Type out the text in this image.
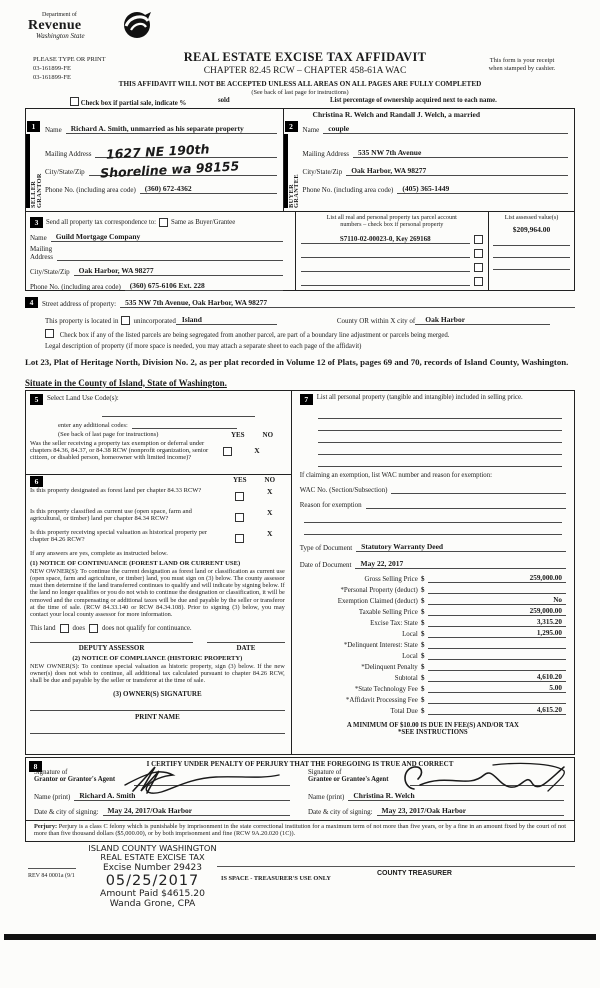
Department of
Revenue
Washington State
PLEASE TYPE OR PRINT
03-161899-FE
03-161899-FE
REAL ESTATE EXCISE TAX AFFIDAVIT
CHAPTER 82.45 RCW – CHAPTER 458-61A WAC
This form is your receipt
when stamped by cashier.
THIS AFFIDAVIT WILL NOT BE ACCEPTED UNLESS ALL AREAS ON ALL PAGES ARE FULLY COMPLETED
(See back of last page for instructions)
Check box if partial sale, indicate %	sold	List percentage of ownership acquired next to each name.
1
SELLER
GRANTOR
Name	Richard A. Smith, unmarried as his separate property
Mailing Address	1627 NE 190th
City/State/Zip	Shoreline wa 98155
Phone No. (including area code)	(360) 672-4362
2
BUYER
GRANTEE
Christina R. Welch and Randall J. Welch, a married
Name	couple
Mailing Address	535 NW 7th Avenue
City/State/Zip	Oak Harbor, WA 98277
Phone No. (including area code)	(405) 365-1449
3	Send all property tax correspondence to: Same as Buyer/Grantee
Name	Guild Mortgage Company
Mailing
Address
City/State/Zip	Oak Harbor, WA 98277
Phone No. (including area code)	(360) 675-6106 Ext. 228
List all real and personal property tax parcel account
numbers – check box if personal property
S7110-02-00023-0, Key 269168
List assessed value(s)
$209,964.00
4	Street address of property:	535 NW 7th Avenue, Oak Harbor, WA 98277
This property is located in unincorporated Island	County OR within X city of	Oak Harbor
Check box if any of the listed parcels are being segregated from another parcel, are part of a boundary line adjustment or parcels being merged.
Legal description of property (if more space is needed, you may attach a separate sheet to each page of the affidavit)
Lot 23, Plat of Heritage North, Division No. 2, as per plat recorded in Volume 12 of Plats, pages 69 and 70, records of Island County, Washington.
Situate in the County of Island, State of Washington.
5	Select Land Use Code(s):
enter any additional codes:
(See back of last page for instructions)	YES	NO
Was the seller receiving a property tax exemption or deferral under chapters 84.36, 84.37, or 84.38 RCW (nonprofit organization, senior citizen, or disabled person, homeowner with limited income)?
X
6	YES	NO
Is this property designated as forest land per chapter 84.33 RCW?	X
Is this property classified as current use (open space, farm and agricultural, or timber) land per chapter 84.34 RCW?
X
Is this property receiving special valuation as historical property per chapter 84.26 RCW?
X
If any answers are yes, complete as instructed below.
(1) NOTICE OF CONTINUANCE (FOREST LAND OR CURRENT USE)
NEW OWNER(S): To continue the current designation as forest land or classification as current use (open space, farm and agriculture, or timber) land, you must sign on (3) below. The county assessor must then determine if the land transferred continues to qualify and will indicate by signing below. If the land no longer qualifies or you do not wish to continue the designation or classification, it will be removed and the compensating or additional taxes will be due and payable by the seller or transferor at the time of sale. (RCW 84.33.140 or RCW 84.34.108). Prior to signing (3) below, you may contact your local county assessor for more information.
This land	does	does not qualify for continuance.
DEPUTY ASSESSOR	DATE
(2) NOTICE OF COMPLIANCE (HISTORIC PROPERTY)
NEW OWNER(S): To continue special valuation as historic property, sign (3) below. If the new owner(s) does not wish to continue, all additional tax calculated pursuant to chapter 84.26 RCW, shall be due and payable by the seller or transferor at the time of sale.
(3) OWNER(S) SIGNATURE
PRINT NAME
7	List all personal property (tangible and intangible) included in selling price.
If claiming an exemption, list WAC number and reason for exemption:
WAC No. (Section/Subsection)
Reason for exemption
Type of Document	Statutory Warranty Deed
Date of Document	May 22, 2017
Gross Selling Price $	259,000.00
*Personal Property (deduct) $
Exemption Claimed (deduct) $	No
Taxable Selling Price $	259,000.00
Excise Tax: State $	3,315.20
Local $	1,295.00
*Delinquent Interest: State $
Local $
*Delinquent Penalty $
Subtotal $	4,610.20
*State Technology Fee $	5.00
*Affidavit Processing Fee $
Total Due $	4,615.20
A MINIMUM OF $10.00 IS DUE IN FEE(S) AND/OR TAX
*SEE INSTRUCTIONS
8	I CERTIFY UNDER PENALTY OF PERJURY THAT THE FOREGOING IS TRUE AND CORRECT
Signature of
Grantor or Grantor's Agent
Signature of
Grantee or Grantee's Agent
Name (print)	Richard A. Smith	Name (print)	Christina R. Welch
Date & city of signing:	May 24, 2017/Oak Harbor	Date & city of signing:	May 23, 2017/Oak Harbor
Perjury: Perjury is a class C felony which is punishable by imprisonment in the state correctional institution for a maximum term of not more than five years, or by a fine in an amount fixed by the court of not more than five thousand dollars ($5,000.00), or by both imprisonment and fine (RCW 9A.20.020 (1C)).
ISLAND COUNTY WASHINGTON
REAL ESTATE EXCISE TAX
Excise Number 29423
05/25/2017
Amount Paid $4615.20
Wanda Grone, CPA
REV 84 0001a (9/1	IS SPACE - TREASURER'S USE ONLY
COUNTY TREASURER
